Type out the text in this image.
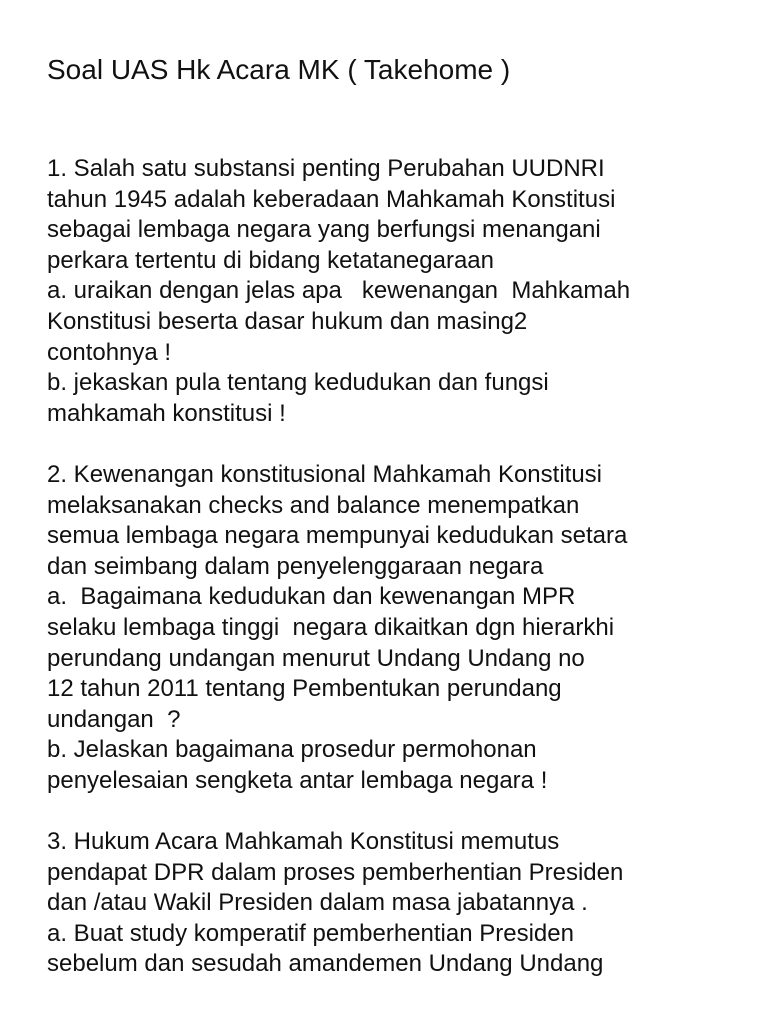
Soal UAS Hk Acara MK ( Takehome )
1. Salah satu substansi penting Perubahan UUDNRI
tahun 1945 adalah keberadaan Mahkamah Konstitusi
sebagai lembaga negara yang berfungsi menangani
perkara tertentu di bidang ketatanegaraan
a. uraikan dengan jelas apa   kewenangan  Mahkamah
Konstitusi beserta dasar hukum dan masing2
contohnya !
b. jekaskan pula tentang kedudukan dan fungsi
mahkamah konstitusi !
2. Kewenangan konstitusional Mahkamah Konstitusi
melaksanakan checks and balance menempatkan
semua lembaga negara mempunyai kedudukan setara
dan seimbang dalam penyelenggaraan negara
a.  Bagaimana kedudukan dan kewenangan MPR
selaku lembaga tinggi  negara dikaitkan dgn hierarkhi
perundang undangan menurut Undang Undang no
12 tahun 2011 tentang Pembentukan perundang
undangan  ?
b. Jelaskan bagaimana prosedur permohonan
penyelesaian sengketa antar lembaga negara !
3. Hukum Acara Mahkamah Konstitusi memutus
pendapat DPR dalam proses pemberhentian Presiden
dan /atau Wakil Presiden dalam masa jabatannya .
a. Buat study komperatif pemberhentian Presiden
sebelum dan sesudah amandemen Undang Undang
